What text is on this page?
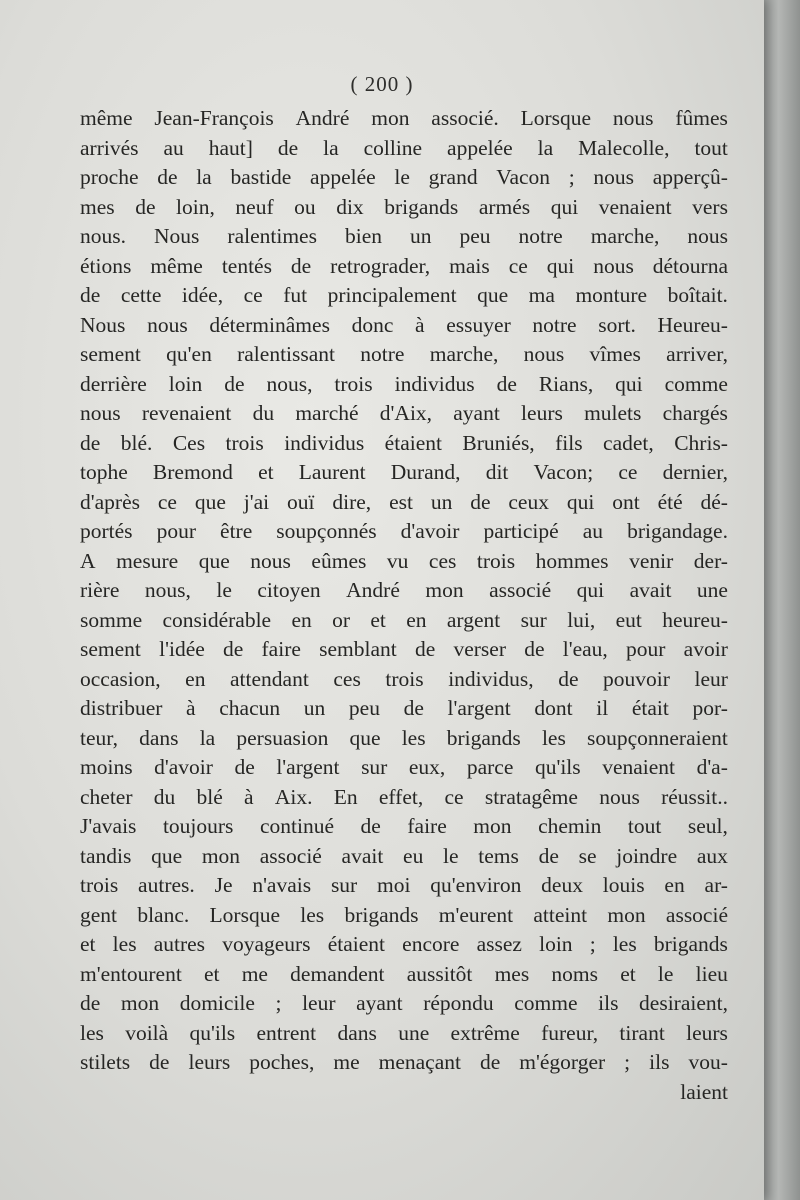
( 200 )
même Jean-François André mon associé. Lorsque nous fûmes
arrivés au haut] de la colline appelée la Malecolle, tout
proche de la bastide appelée le grand Vacon ; nous apperçû-
mes de loin, neuf ou dix brigands armés qui venaient vers
nous. Nous ralentimes bien un peu notre marche, nous
étions même tentés de retrograder, mais ce qui nous détourna
de cette idée, ce fut principalement que ma monture boîtait.
Nous nous déterminâmes donc à essuyer notre sort. Heureu-
sement qu'en ralentissant notre marche, nous vîmes arriver,
derrière loin de nous, trois individus de Rians, qui comme
nous revenaient du marché d'Aix, ayant leurs mulets chargés
de blé. Ces trois individus étaient Bruniés, fils cadet, Chris-
tophe Bremond et Laurent Durand, dit Vacon; ce dernier,
d'après ce que j'ai ouï dire, est un de ceux qui ont été dé-
portés pour être soupçonnés d'avoir participé au brigandage.
A mesure que nous eûmes vu ces trois hommes venir der-
rière nous, le citoyen André mon associé qui avait une
somme considérable en or et en argent sur lui, eut heureu-
sement l'idée de faire semblant de verser de l'eau, pour avoir
occasion, en attendant ces trois individus, de pouvoir leur
distribuer à chacun un peu de l'argent dont il était por-
teur, dans la persuasion que les brigands les soupçonneraient
moins d'avoir de l'argent sur eux, parce qu'ils venaient d'a-
cheter du blé à Aix. En effet, ce stratagême nous réussit..
J'avais toujours continué de faire mon chemin tout seul,
tandis que mon associé avait eu le tems de se joindre aux
trois autres. Je n'avais sur moi qu'environ deux louis en ar-
gent blanc. Lorsque les brigands m'eurent atteint mon associé
et les autres voyageurs étaient encore assez loin ; les brigands
m'entourent et me demandent aussitôt mes noms et le lieu
de mon domicile ; leur ayant répondu comme ils desiraient,
les voilà qu'ils entrent dans une extrême fureur, tirant leurs
stilets de leurs poches, me menaçant de m'égorger ; ils vou-
laient
